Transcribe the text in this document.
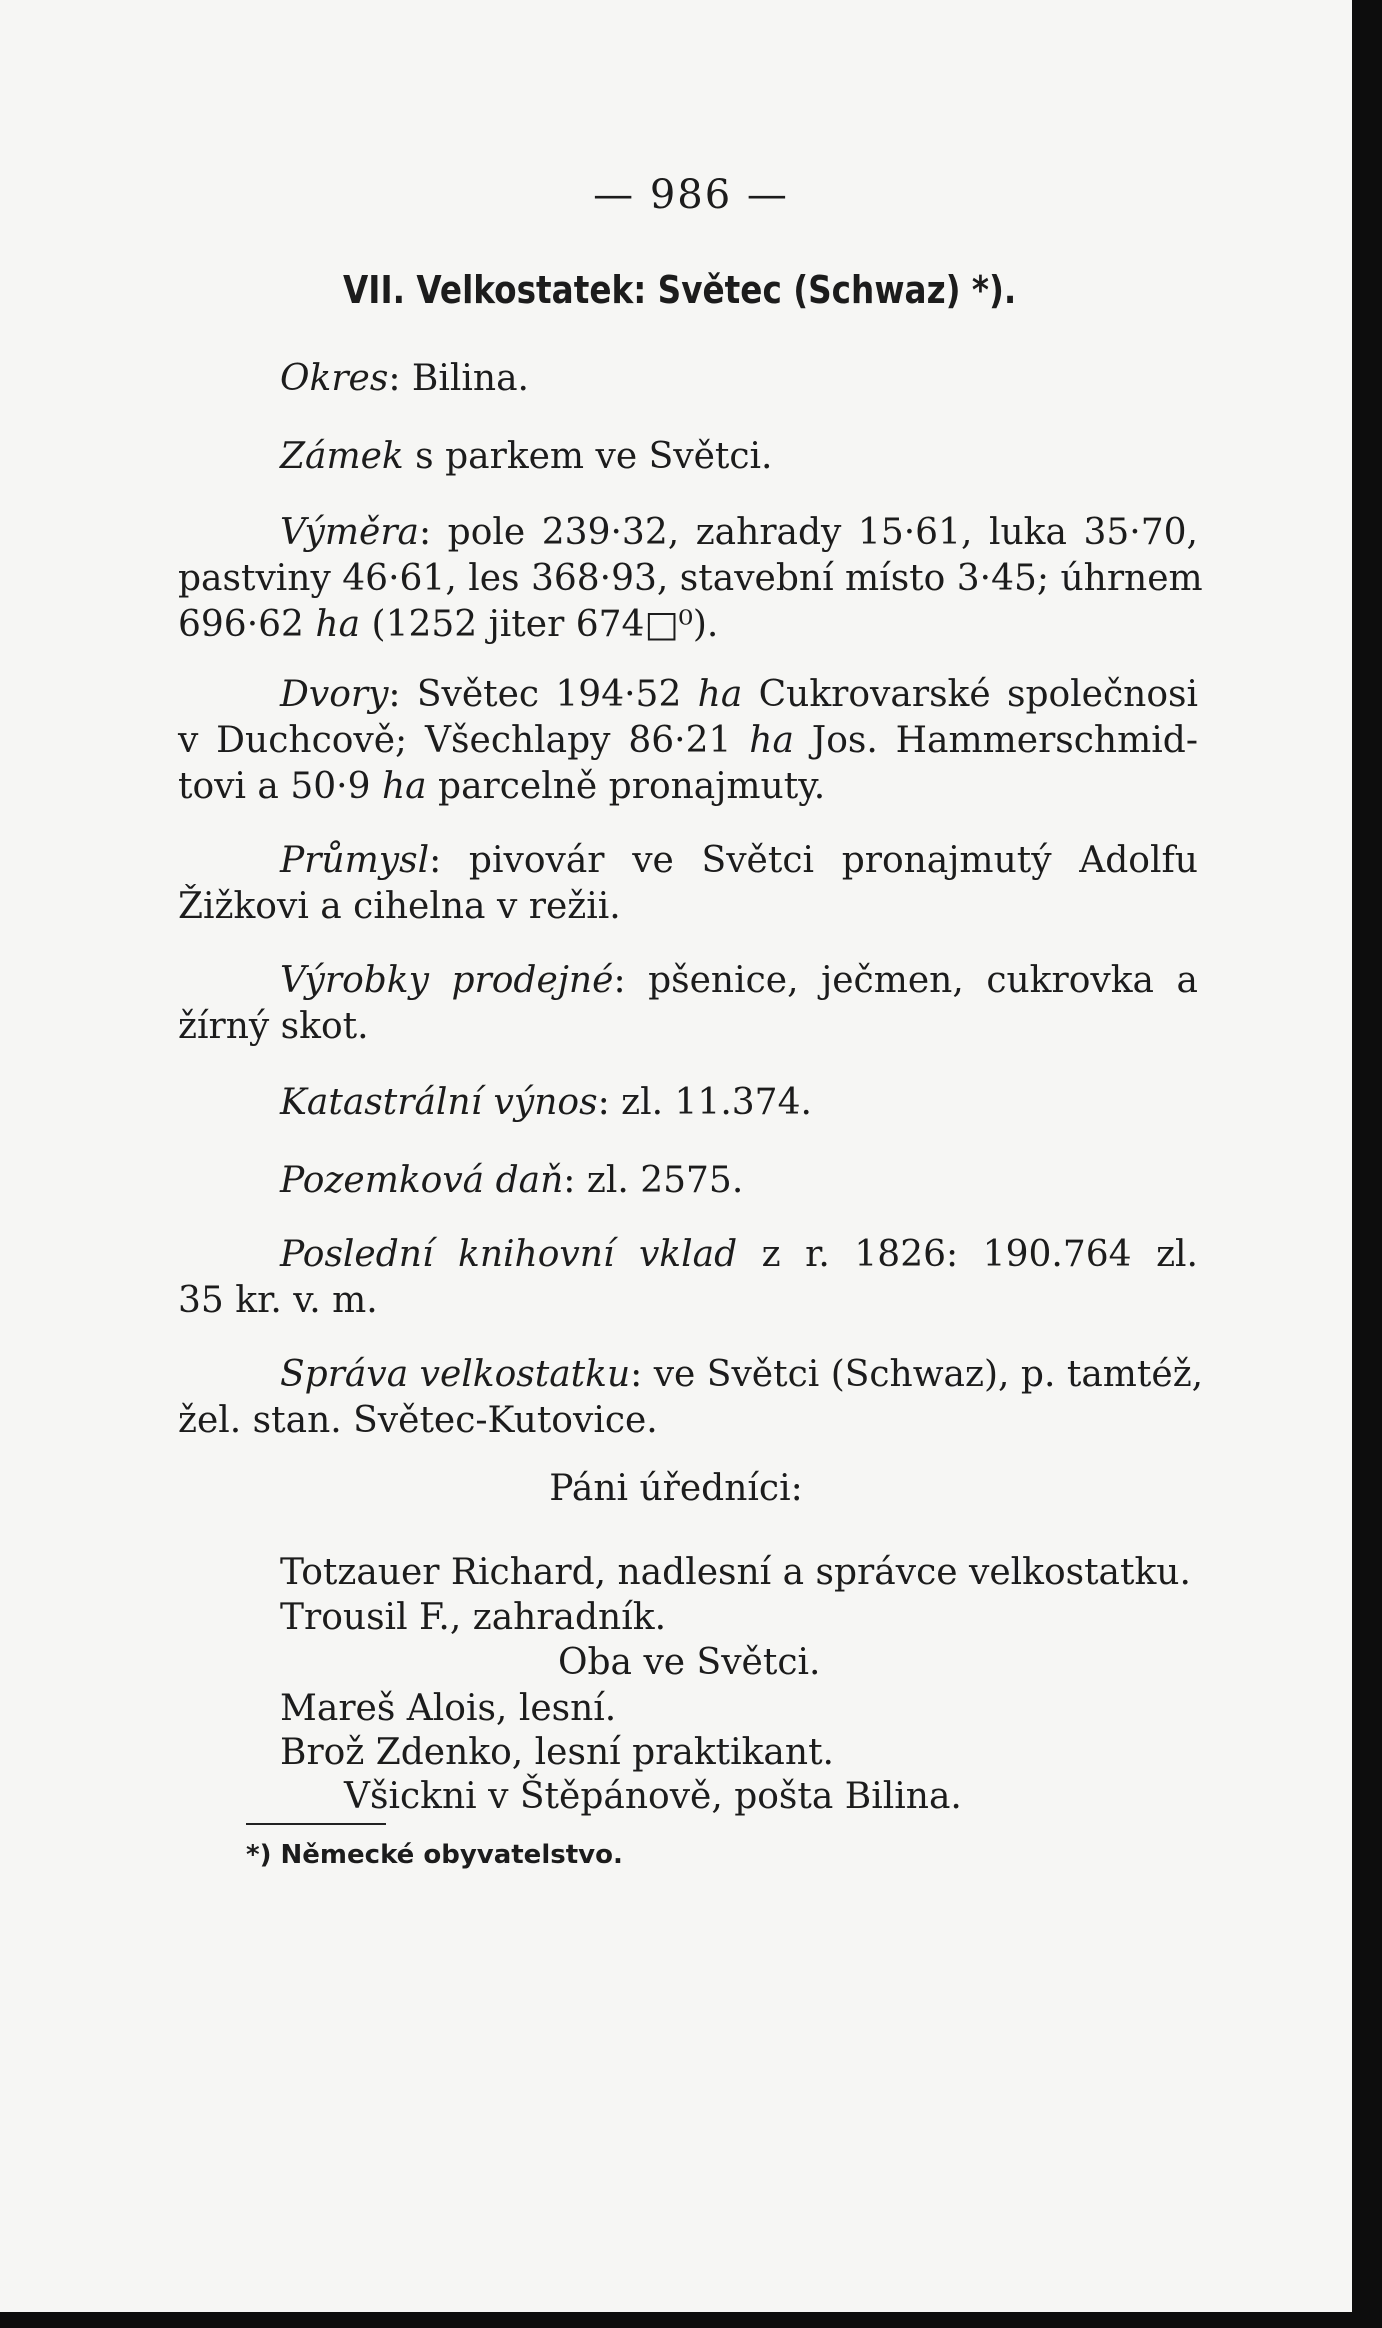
— 986 —
VII. Velkostatek: Světec (Schwaz) *).

Okres: Bilina.

Zámek s parkem ve Světci.

Výměra: pole 239·32, zahrady 15·61, luka 35·70,
pastviny 46·61, les 368·93, stavební místo 3·45; úhrnem
696·62 ha (1252 jiter 674□⁰).

Dvory: Světec 194·52 ha Cukrovarské společnosi
v Duchcově; Všechlapy 86·21 ha Jos. Hammerschmid-
tovi a 50·9 ha parcelně pronajmuty.

Průmysl: pivovár ve Světci pronajmutý Adolfu
Žižkovi a cihelna v režii.

Výrobky prodejné: pšenice, ječmen, cukrovka a
žírný skot.

Katastrální výnos: zl. 11.374.

Pozemková daň: zl. 2575.

Poslední knihovní vklad z r. 1826: 190.764 zl.
35 kr. v. m.

Správa velkostatku: ve Světci (Schwaz), p. tamtéž,
žel. stan. Světec-Kutovice.

Páni úředníci:

Totzauer Richard, nadlesní a správce velkostatku.

Trousil F., zahradník.

Oba ve Světci.

Mareš Alois, lesní.

Brož Zdenko, lesní praktikant.

Všickni v Štěpánově, pošta Bilina.

*) Německé obyvatelstvo.
